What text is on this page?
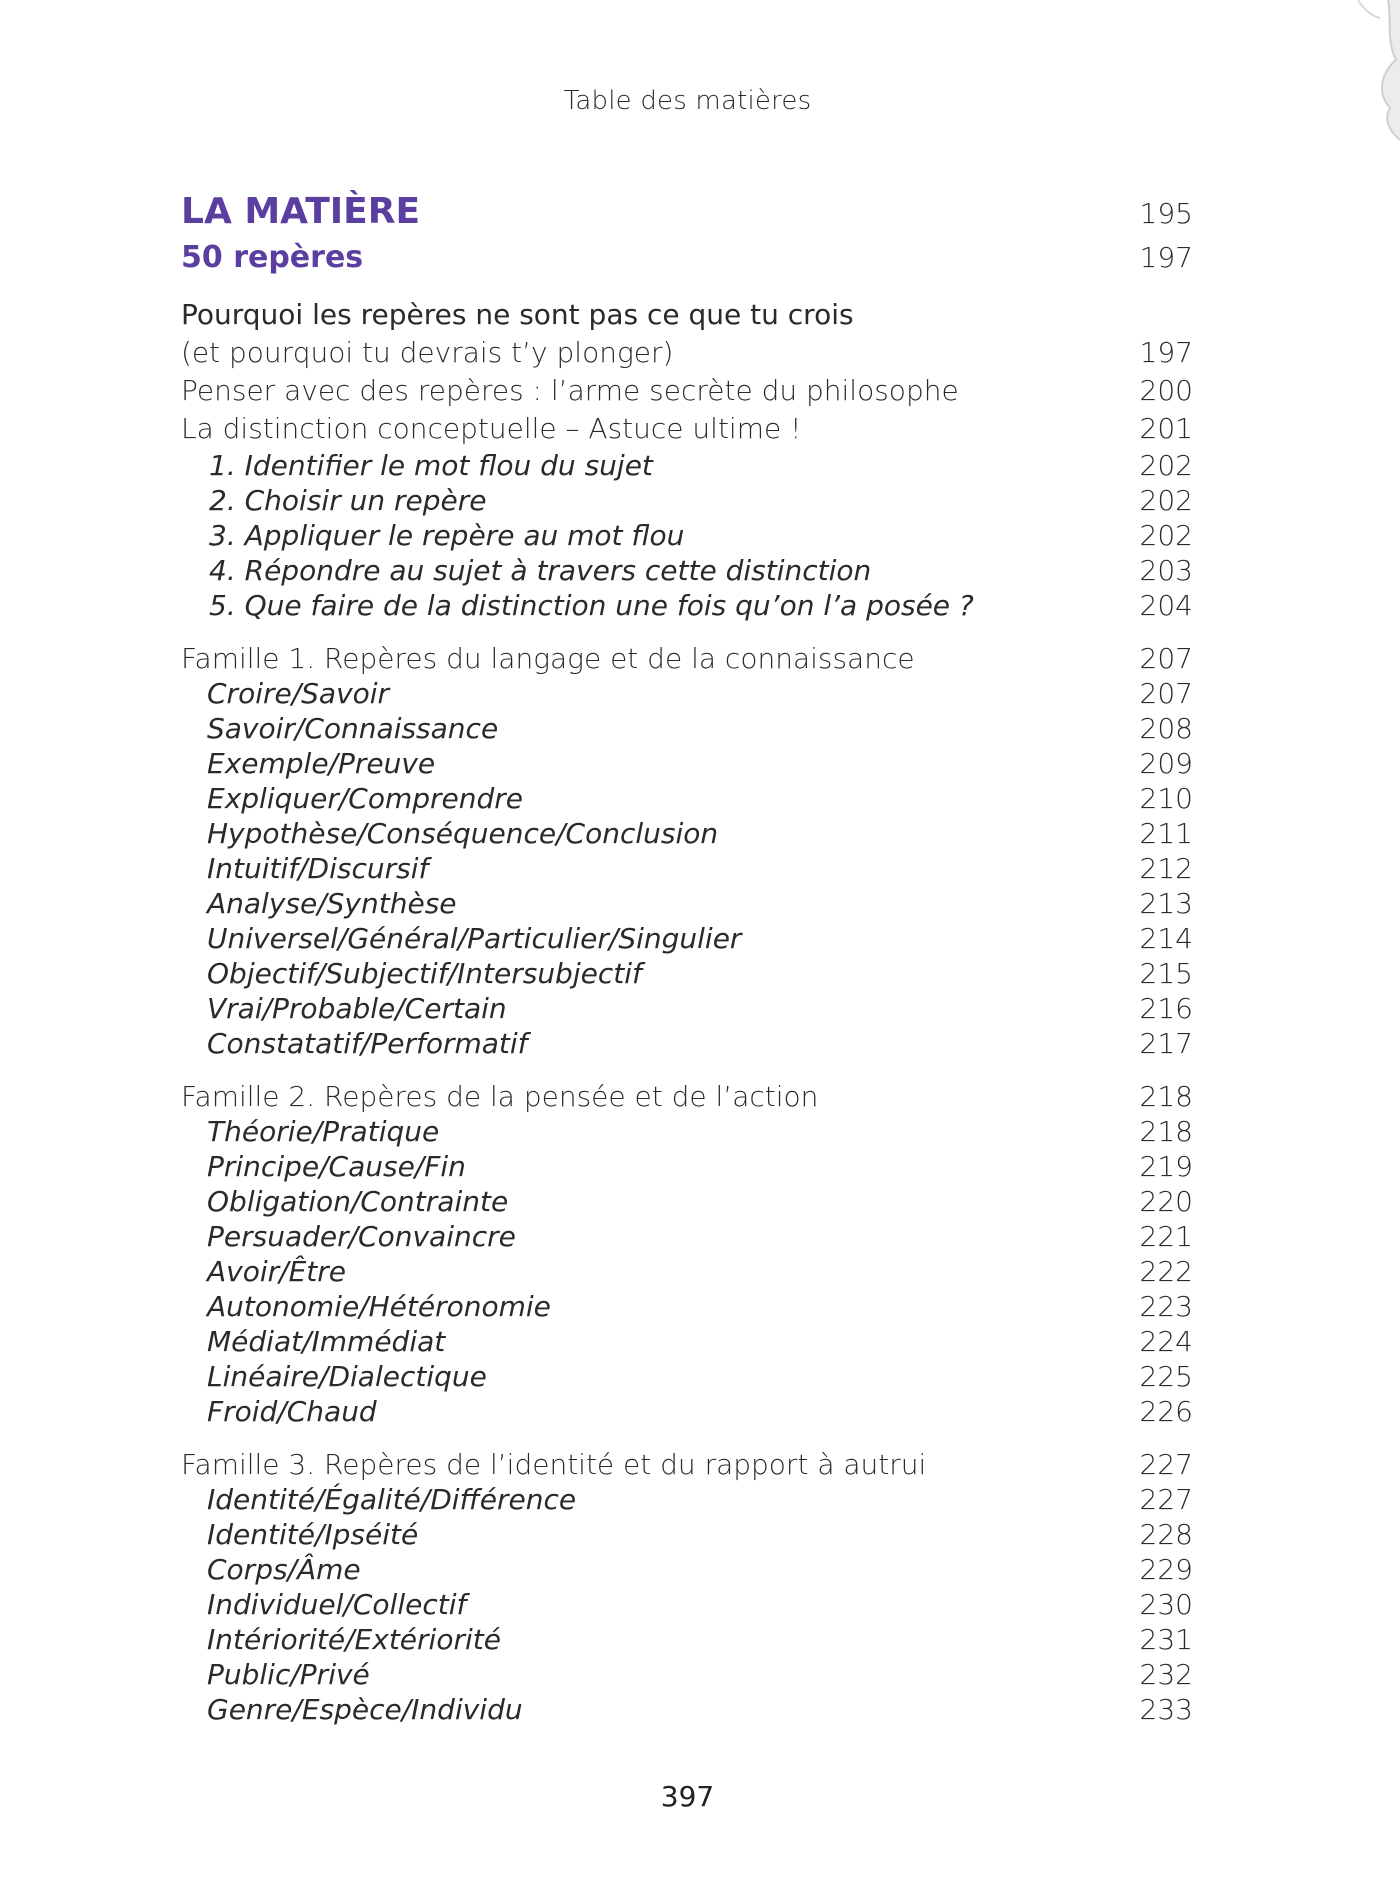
Table des matières
LA MATIÈRE	195
50 repères	197
Pourquoi les repères ne sont pas ce que tu crois
(et pourquoi tu devrais t’y plonger)	197
Penser avec des repères : l’arme secrète du philosophe	200
La distinction conceptuelle – Astuce ultime !	201
1. Identifier le mot flou du sujet	202
2. Choisir un repère	202
3. Appliquer le repère au mot flou	202
4. Répondre au sujet à travers cette distinction	203
5. Que faire de la distinction une fois qu’on l’a posée ?	204
Famille 1. Repères du langage et de la connaissance	207
Croire/Savoir	207
Savoir/Connaissance	208
Exemple/Preuve	209
Expliquer/Comprendre	210
Hypothèse/Conséquence/Conclusion	211
Intuitif/Discursif	212
Analyse/Synthèse	213
Universel/Général/Particulier/Singulier	214
Objectif/Subjectif/Intersubjectif	215
Vrai/Probable/Certain	216
Constatatif/Performatif	217
Famille 2. Repères de la pensée et de l’action	218
Théorie/Pratique	218
Principe/Cause/Fin	219
Obligation/Contrainte	220
Persuader/Convaincre	221
Avoir/Être	222
Autonomie/Hétéronomie	223
Médiat/Immédiat	224
Linéaire/Dialectique	225
Froid/Chaud	226
Famille 3. Repères de l’identité et du rapport à autrui	227
Identité/Égalité/Différence	227
Identité/Ipséité	228
Corps/Âme	229
Individuel/Collectif	230
Intériorité/Extériorité	231
Public/Privé	232
Genre/Espèce/Individu	233
397
